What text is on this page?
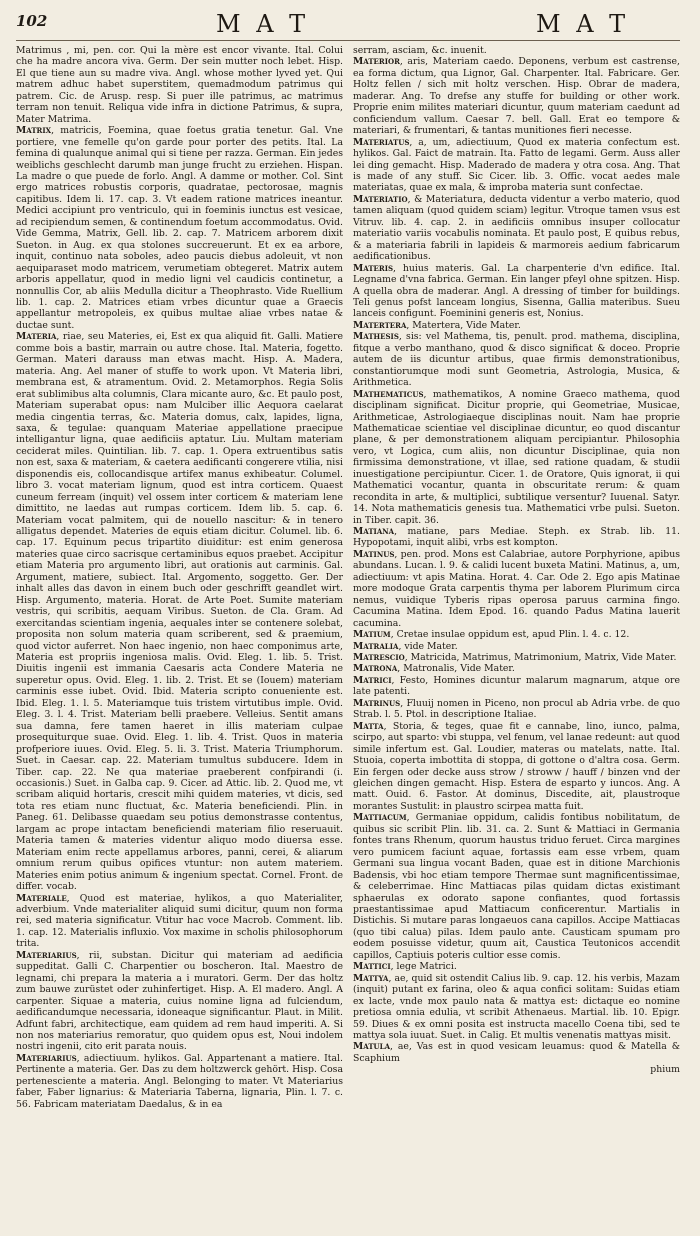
102	M A T	M A T

Matrimus , mi, pen. cor. Qui la mère est encor vivante. Ital. Colui che ha madre ancora viva. Germ. Der sein mutter noch lebet. Hisp. El que tiene aun su madre viva. Angl. whose mother lyved yet. Qui matrem adhuc habet superstitem, quemadmodum patrimus qui patrem. Cic. de Arusp. resp. Si puer ille patrimus, ac matrimus terram non tenuit. Reliqua vide infra in dictione Patrimus, & supra, Mater Matrima.

Matrix, matricis, Foemina, quae foetus gratia tenetur. Gal. Vne portiere, vne femelle qu'on garde pour porter des petits. Ital. La femina di qualunque animal qui si tiene per razza. German. Ein jedes weiblichs geschlecht darumb man junge frucht zu erziehen. Hispan. La madre o que puede de forlo. Angl. A damme or mother. Col. Sint ergo matrices robustis corporis, quadratae, pectorosae, magnis capitibus. Idem li. 17. cap. 3. Vt eadem ratione matrices ineantur. Medici accipiunt pro ventriculo, qui in foeminis iunctus est vesicae, ad recipiendum semen, & continendum foetum accommodatus. Ovid. Vide Gemma, Matrix, Gell. lib. 2. cap. 7. Matricem arborem dixit Sueton. in Aug. ex qua stolones succreuerunt. Et ex ea arbore, inquit, continuo nata soboles, adeo paucis diebus adoleuit, vt non aequiparaset modo matricem, verumetiam obtegeret. Matrix autem arboris appellatur, quod in medio ligni vel caudicis continetur, a nonnullis Cor, ab aliis Medulla dicitur a Theophrasto. Vide Ruellium lib. 1. cap. 2. Matrices etiam vrbes dicuntur quae a Graecis appellantur metropoleis, ex quibus multae aliae vrbes natae & ductae sunt.

Materia, riae, seu Materies, ei, Est ex qua aliquid fit. Galli. Matiere comme bois a bastir, marrain ou autre chose. Ital. Materia, fogetto. German. Materi darauss man etwas macht. Hisp. A. Madera, materia. Ang. Ael maner of stuffe to work upon. Vt Materia libri, membrana est, & atramentum. Ovid. 2. Metamorphos. Regia Solis erat sublimibus alta columnis, Clara micante auro, &c. Et paulo post, Materiam superabat opus: nam Mulciber illic Aequora caelarat media cingentia terras, &c. Materia domus, calx, lapides, ligna, saxa, & tegulae: quanquam Materiae appellatione praecipue intelligantur ligna, quae aedificiis aptatur. Liu. Multam materiam ceciderat miles. Quintilian. lib. 7. cap. 1. Opera extruentibus satis non est, saxa & materiam, & caetera aedificanti congerere vtilia, nisi disponendis eis, collocandisque artifex manus exhibeatur. Columel. libro 3. vocat materiam lignum, quod est intra corticem. Quaest cuneum ferream (inquit) vel ossem inter corticem & materiam lene dimittito, ne laedas aut rumpas corticem. Idem lib. 5. cap. 6. Materiam vocat palmitem, qui de nouello nascitur: & in tenero alligatus dependet. Materies de equis etiam dicitur. Columel. lib. 6. cap. 17. Equinum pecus tripartito diuiditur: est enim generosa materies quae circo sacrisque certaminibus equos praebet. Accipitur etiam Materia pro argumento libri, aut orationis aut carminis. Gal. Argument, matiere, subiect. Ital. Argomento, soggetto. Ger. Der inhalt alles das davon in einem buch oder geschrifft geandlet wirt. Hisp. Argumento, materia. Horat. de Arte Poet. Sumite materiam vestris, qui scribitis, aequam Viribus. Sueton. de Cla. Gram. Ad exercitandas scientiam ingenia, aequales inter se contenere solebat, proposita non solum materia quam scriberent, sed & praemium, quod victor auferret. Non haec ingenio, non haec componimus arte, Materia est propriis ingeniosa malis. Ovid. Eleg. 1. lib. 5. Trist. Diuitis ingenii est immania Caesaris acta Condere Materia ne superetur opus. Ovid. Eleg. 1. lib. 2. Trist. Et se (Iouem) materiam carminis esse iubet. Ovid. Ibid. Materia scripto conueniente est. Ibid. Eleg. 1. l. 5. Materiamque tuis tristem virtutibus imple. Ovid. Eleg. 3. l. 4. Trist. Materiam belli praebere. Velleius. Sentit amans sua damna, fere tamen haeret in illis materiam culpae prosequiturque suae. Ovid. Eleg. 1. lib. 4. Trist. Quos in materia profperiore iuues. Ovid. Eleg. 5. li. 3. Trist. Materia Triumphorum. Suet. in Caesar. cap. 22. Materiam tumultus subducere. Idem in Tiber. cap. 22. Ne qua materiae praeberent confpirandi (i. occasionis.) Suet. in Galba cap. 9. Cicer. ad Attic. lib. 2. Quod me, vt scribam aliquid hortaris, crescit mihi quidem materies, vt dicis, sed tota res etiam nunc fluctuat, &c. Materia beneficiendi. Plin. in Paneg. 61. Delibasse quaedam seu potius demonstrasse contentus, largam ac prope intactam beneficiendi materiam filio reseruauit. Materia tamen & materies videntur aliquo modo diuersa esse. Materiam enim recte appellamus arbores, panni, cerei, & aliarum omnium rerum quibus opifices vtuntur: non autem materiem. Materies enim potius animum & ingenium spectat. Cornel. Front. de differ. vocab.

Materiale, Quod est materiae, hylikos, a quo Materialiter, adverbium. Vnde materialiter aliquid sumi dicitur, quum non forma rei, sed materia significatur. Vtitur hac voce Macrob. Comment. lib. 1. cap. 12. Materialis influxio. Vox maxime in scholis philosophorum trita.

Materiarius, rii, substan. Dicitur qui materiam ad aedificia suppeditat. Galli C. Charpentier ou boscheron. Ital. Maestro de legnami, chi prepara la materia a i muratori. Germ. Der das holtz zum bauwe zurüstet oder zuhinfertiget. Hisp. A. El madero. Angl. A carpenter. Siquae a materia, cuius nomine ligna ad fulciendum, aedificandumque necessaria, idoneaque significantur. Plaut. in Milit. Adfunt fabri, architectique, eam quidem ad rem haud imperiti. A. Si non nos materiarius remoratur, quo quidem opus est, Noui indolem nostri ingenii, cito erit parata nouis.

Materiarius, adiectiuum. hylikos. Gal. Appartenant a matiere. Ital. Pertinente a materia. Ger. Das zu dem holtzwerck gehört. Hisp. Cosa pertenesciente a materia. Angl. Belonging to mater. Vt Materiarius faber, Faber lignarius: & Materiaria Taberna, lignaria, Plin. l. 7. c. 56. Fabricam materiatam Daedalus, & in ea

serram, asciam, &c. inuenit.

Materior, aris, Materiam caedo. Deponens, verbum est castrense, ea forma dictum, qua Lignor, Gal. Charpenter. Ital. Fabricare. Ger. Holtz fellen / sich mit holtz verschen. Hisp. Obrar de madera, maderar. Ang. To drefse any stuffe for building or other work. Proprie enim milites materiari dicuntur, quum materiam caedunt ad conficiendum vallum. Caesar 7. bell. Gall. Erat eo tempore & materiari, & frumentari, & tantas munitiones fieri necesse.

Materiatus, a, um, adiectiuum, Quod ex materia confectum est. hylikos. Gal. Faict de matrain. Ita. Fatto de legami. Germ. Auss aller lei ding gemacht. Hisp. Maderado de madera y otra cosa. Ang. That is made of any stuff. Sic Cicer. lib. 3. Offic. vocat aedes male materiatas, quae ex mala, & improba materia sunt confectae.

Materiatio, & Materiatura, deducta videntur a verbo materio, quod tamen aliquam (quod quidem sciam) legitur. Vtroque tamen vsus est Vitruv. lib. 4. cap. 2. in aedificiis omnibus insuper collocatur materiatio variis vocabulis nominata. Et paulo post, E quibus rebus, & a materiaria fabrili in lapideis & marmoreis aedium fabricarum aedificationibus.

Materis, huius materis. Gal. La charpenterie d'vn edifice. Ital. Legname d'vna fabrica. German. Ein langer pfeyl ohne spitzen. Hisp. A quella obra de maderar. Angl. A dressing of timber for buildings. Teli genus pofst lanceam longius, Sisenna, Gallia materibus. Sueu lanceis configunt. Foeminini generis est, Nonius.

Matertera, Matertera, Vide Mater.

Mathesis, sis: vel Mathema, tis, penult. prod. mathema, disciplina, fitque a verbo manthano, quod & disco significat & doceo. Proprie autem de iis dicuntur artibus, quae firmis demonstrationibus, constantiorumque modi sunt Geometria, Astrologia, Musica, & Arithmetica.

Mathematicus, mathematikos, A nomine Graeco mathema, quod disciplinam significat. Dicitur proprie, qui Geometriae, Musicae, Arithmeticae, Astrologiaeque disciplinas nouit. Nam hae proprie Mathematicae scientiae vel disciplinae dicuntur, eo quod discantur plane, & per demonstrationem aliquam percipiantur. Philosophia vero, vt Logica, cum aliis, non dicuntur Disciplinae, quia non firmissima demonstratione, vt illae, sed ratione quadam, & studii inuestigatione percipiuntur. Cicer. 1. de Oratore, Quis ignorat, ii qui Mathematici vocantur, quanta in obscuritate rerum: & quam recondita in arte, & multiplici, subtilique versentur? Iuuenal. Satyr. 14. Nota mathematicis genesis tua. Mathematici vrbe pulsi. Sueton. in Tiber. capit. 36.

Matiana, matiane, pars Mediae. Steph. ex Strab. lib. 11. Hypopotami, inquit alibi, vrbs est kompton.

Matinus, pen. prod. Mons est Calabriae, autore Porphyrione, apibus abundans. Lucan. l. 9. & calidi lucent buxeta Matini. Matinus, a, um, adiectiuum: vt apis Matina. Horat. 4. Car. Ode 2. Ego apis Matinae more modoque Grata carpentis thyma per laborem Plurimum circa nemus, vuidique Tyberis ripas operosa paruus carmina fingo. Cacumina Matina. Idem Epod. 16. quando Padus Matina lauerit cacumina.

Matium, Cretae insulae oppidum est, apud Plin. l. 4. c. 12.

Matralia, vide Mater.

Matrescio, Matricida, Matrimus, Matrimonium, Matrix, Vide Mater.

Matrona, Matronalis, Vide Mater.

Matrici, Festo, Homines dicuntur malarum magnarum, atque ore late patenti.

Matrinus, Fluuij nomen in Piceno, non procul ab Adria vrbe. de quo Strab. l. 5. Ptol. in descriptione Italiae.

Matta, Storia, & teges, quae fit e cannabe, lino, iunco, palma, scirpo, aut sparto: vbi stuppa, vel fenum, vel lanae redeunt: aut quod simile infertum est. Gal. Loudier, materas ou matelats, natte. Ital. Stuoia, coperta imbottita di stoppa, di gottone o d'altra cosa. Germ. Ein fergen oder decke auss strow / stroww / hauff / binzen vnd der gleichen dingen gemacht. Hisp. Estera de esparto y iuncos. Ang. A matt. Ouid. 6. Fastor. At dominus, Discedite, ait, plaustroque morantes Sustulit: in plaustro scirpea matta fuit.

Mattiacum, Germaniae oppidum, calidis fontibus nobilitatum, de quibus sic scribit Plin. lib. 31. ca. 2. Sunt & Mattiaci in Germania fontes trans Rhenum, quorum haustus triduo feruet. Circa margines vero pumicem faciunt aquae, fortassis eam esse vrbem, quam Germani sua lingua vocant Baden, quae est in ditione Marchionis Badensis, vbi hoc etiam tempore Thermae sunt magnificentissimae, & celeberrimae. Hinc Mattiacas pilas quidam dictas existimant sphaerulas ex odorato sapone confiantes, quod fortassis praestantissimae apud Mattiacum conficerentur. Martialis in Distichis. Si mutare paras longaeuos cana capillos. Accipe Mattiacas (quo tibi calua) pilas. Idem paulo ante. Causticam spumam pro eodem posuisse videtur, quum ait, Caustica Teutonicos accendit capillos, Captiuis poteris cultior esse comis.

Mattici, lege Matrici.

Mattya, ae, quid sit ostendit Calius lib. 9. cap. 12. his verbis, Mazam (inquit) putant ex farina, oleo & aqua confici solitam: Suidas etiam ex lacte, vnde mox paulo nata & mattya est: dictaque eo nomine pretiosa omnia edulia, vt scribit Athenaeus. Martial. lib. 10. Epigr. 59. Diues & ex omni posita est instructa macello Coena tibi, sed te mattya sola iuuat. Suet. in Calig. Et multis venenatis mattyas misit.

Matula, ae, Vas est in quod vesicam leuamus: quod & Matella & Scaphium

phium
